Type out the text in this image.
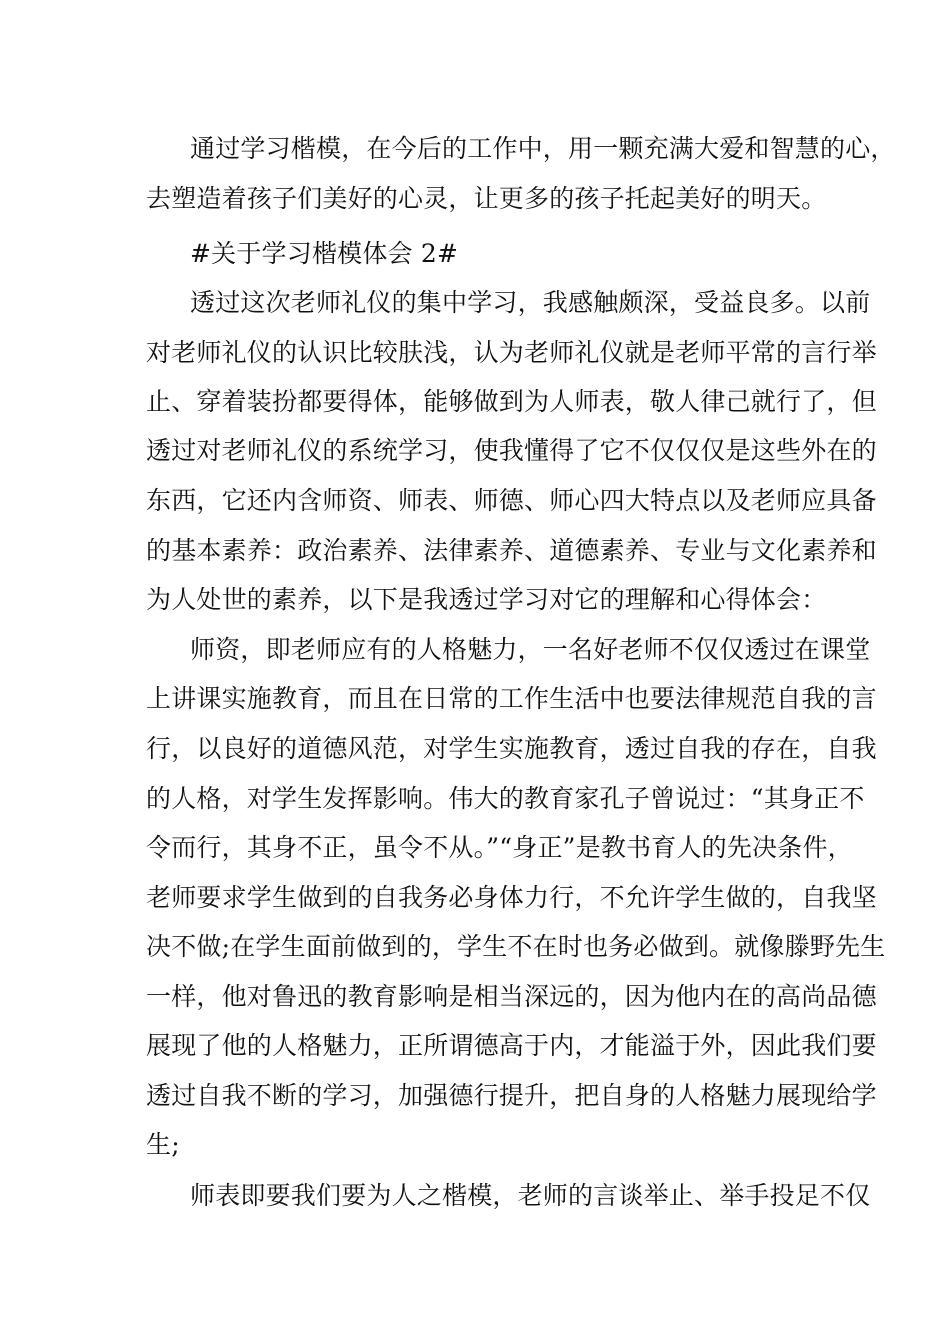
通过学习楷模，在今后的工作中，用一颗充满大爱和智慧的心，
去塑造着孩子们美好的心灵，让更多的孩子托起美好的明天。
#关于学习楷模体会 2#
透过这次老师礼仪的集中学习，我感触颇深，受益良多。以前
对老师礼仪的认识比较肤浅，认为老师礼仪就是老师平常的言行举
止、穿着装扮都要得体，能够做到为人师表，敬人律己就行了，但
透过对老师礼仪的系统学习，使我懂得了它不仅仅仅是这些外在的
东西，它还内含师资、师表、师德、师心四大特点以及老师应具备
的基本素养：政治素养、法律素养、道德素养、专业与文化素养和
为人处世的素养，以下是我透过学习对它的理解和心得体会：
师资，即老师应有的人格魅力，一名好老师不仅仅透过在课堂
上讲课实施教育，而且在日常的工作生活中也要法律规范自我的言
行，以良好的道德风范，对学生实施教育，透过自我的存在，自我
的人格，对学生发挥影响。伟大的教育家孔子曾说过：“其身正不
令而行，其身不正，虽令不从。”“身正”是教书育人的先决条件，
老师要求学生做到的自我务必身体力行，不允许学生做的，自我坚
决不做;在学生面前做到的，学生不在时也务必做到。就像滕野先生
一样，他对鲁迅的教育影响是相当深远的，因为他内在的高尚品德
展现了他的人格魅力，正所谓德高于内，才能溢于外，因此我们要
透过自我不断的学习，加强德行提升，把自身的人格魅力展现给学
生;
师表即要我们要为人之楷模，老师的言谈举止、举手投足不仅
